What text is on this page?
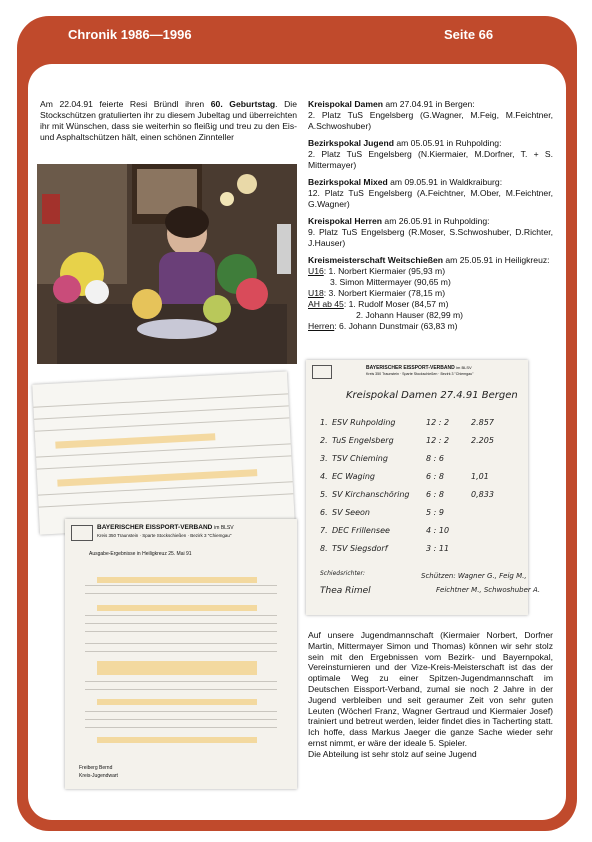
Chronik 1986—1996	Seite 66
Am 22.04.91 feierte Resi Bründl ihren 60. Geburtstag. Die Stockschützen gratulierten ihr zu diesem Jubeltag und überreichten ihr mit Wünschen, dass sie weiterhin so fleißig und treu zu den Eis- und Asphaltschützen hält, einen schönen Zinnteller

Kreispokal Damen am 27.04.91 in Bergen:
2. Platz TuS Engelsberg (G.Wagner, M.Feig, M.Feichtner, A.Schwoshuber)

Bezirkspokal Jugend am 05.05.91 in Ruhpolding:
2. Platz TuS Engelsberg (N.Kiermaier, M.Dorfner, T. + S. Mittermayer)

Bezirkspokal Mixed am 09.05.91 in Waldkraiburg:
12. Platz TuS Engelsberg (A.Feichtner, M.Ober, M.Feichtner, G.Wagner)

Kreispokal Herren am 26.05.91 in Ruhpolding:
9. Platz TuS Engelsberg (R.Moser, S.Schwoshuber, D.Richter, J.Hauser)

Kreismeisterschaft Weitschießen am 25.05.91 in Heiligkreuz:
U16: 1. Norbert Kiermaier (95,93 m)
3. Simon Mittermayer (90,65 m)
U18: 3. Norbert Kiermaier (78,15 m)
AH ab 45: 1. Rudolf Moser (84,57 m)
2. Johann Hauser (82,99 m)
Herren: 6. Johann Dunstmair (63,83 m)
BAYERISCHER EISSPORT-VERBAND im BLSV
Kreis 350 Traunstein · Sparte Stockschießen · Bezirk 3 "Chiemgau"
Ausgabe-Ergebnisse in Heiligkreuz 25. Mai 91
Freiberg Bernd
Kreis-Jugendwart
BAYERISCHER EISSPORT-VERBAND im BLSV
Kreis 350 Traunstein · Sparte Stockschießen · Bezirk 3 "Chiemgau"
Kreispokal Damen 27.4.91 Bergen
1. ESV Ruhpolding	12 : 2	2.857
2. TuS Engelsberg	12 : 2	2.205
3. TSV Chieming	8 : 6
4. EC Waging	6 : 8	1,01
5. SV Kirchanschöring 6 : 8	0,833
6. SV Seeon	5 : 9
7. DEC Frillensee	4 : 10
8. TSV Siegsdorf	3 : 11
Schiedsrichter:	Schützen: Wagner G., Feig M.,
Feichtner M., Schwoshuber A.
Thea Rimel
Auf unsere Jugendmannschaft (Kiermaier Norbert, Dorfner Martin, Mittermayer Simon und Thomas) können wir sehr stolz sein mit den Ergebnissen vom Bezirk- und Bayernpokal, Vereinsturnieren und der Vize-Kreis-Meisterschaft ist das der optimale Weg zu einer Spitzen-Jugendmannschaft im Deutschen Eissport-Verband, zumal sie noch 2 Jahre in der Jugend verbleiben und seit geraumer Zeit von sehr guten Leuten (Wöcherl Franz, Wagner Gertraud und Kiermaier Josef) trainiert und betreut werden, leider findet dies in Tacherting statt. Ich hoffe, dass Markus Jaeger die ganze Sache wieder sehr ernst nimmt, er wäre der ideale 5. Spieler.
Die Abteilung ist sehr stolz auf seine Jugend
